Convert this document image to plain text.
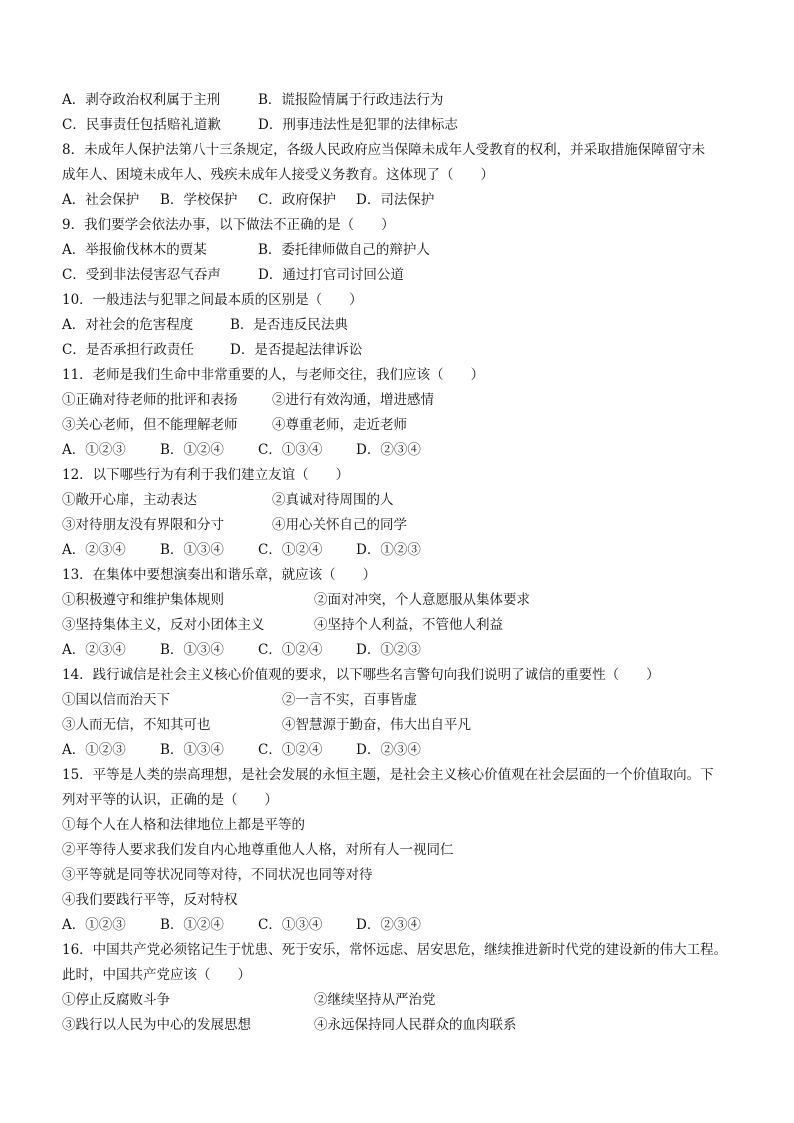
A．剥夺政治权利属于主刑	B．谎报险情属于行政违法行为
C．民事责任包括赔礼道歉	D．刑事违法性是犯罪的法律标志
8．未成年人保护法第八十三条规定，各级人民政府应当保障未成年人受教育的权利，并采取措施保障留守未
成年人、困境未成年人、残疾未成年人接受义务教育。这体现了（　　）
A．社会保护	B．学校保护	C．政府保护	D．司法保护
9．我们要学会依法办事，以下做法不正确的是（　　）
A．举报偷伐林木的贾某	B．委托律师做自己的辩护人
C．受到非法侵害忍气吞声	D．通过打官司讨回公道
10．一般违法与犯罪之间最本质的区别是（　　）
A．对社会的危害程度	B．是否违反民法典
C．是否承担行政责任	D．是否提起法律诉讼
11．老师是我们生命中非常重要的人，与老师交往，我们应该（　　）
①正确对待老师的批评和表扬	②进行有效沟通，增进感情
③关心老师，但不能理解老师	④尊重老师，走近老师
A．①②③	B．①②④	C．①③④	D．②③④
12．以下哪些行为有利于我们建立友谊（　　）
①敞开心扉，主动表达	②真诚对待周围的人
③对待朋友没有界限和分寸	④用心关怀自己的同学
A．②③④	B．①③④	C．①②④	D．①②③
13．在集体中要想演奏出和谐乐章，就应该（　　）
①积极遵守和维护集体规则	②面对冲突，个人意愿服从集体要求
③坚持集体主义，反对小团体主义	④坚持个人利益，不管他人利益
A．②③④	B．①③④	C．①②④	D．①②③
14．践行诚信是社会主义核心价值观的要求，以下哪些名言警句向我们说明了诚信的重要性（　　）
①国以信而治天下	②一言不实，百事皆虚
③人而无信，不知其可也	④智慧源于勤奋，伟大出自平凡
A．①②③	B．①③④	C．①②④	D．②③④
15．平等是人类的崇高理想，是社会发展的永恒主题，是社会主义核心价值观在社会层面的一个价值取向。下
列对平等的认识，正确的是（　　）
①每个人在人格和法律地位上都是平等的
②平等待人要求我们发自内心地尊重他人人格，对所有人一视同仁
③平等就是同等状况同等对待，不同状况也同等对待
④我们要践行平等，反对特权
A．①②③	B．①②④	C．①③④	D．②③④
16．中国共产党必须铭记生于忧患、死于安乐，常怀远虑、居安思危，继续推进新时代党的建设新的伟大工程。
此时，中国共产党应该（　　）
①停止反腐败斗争	②继续坚持从严治党
③践行以人民为中心的发展思想	④永远保持同人民群众的血肉联系
